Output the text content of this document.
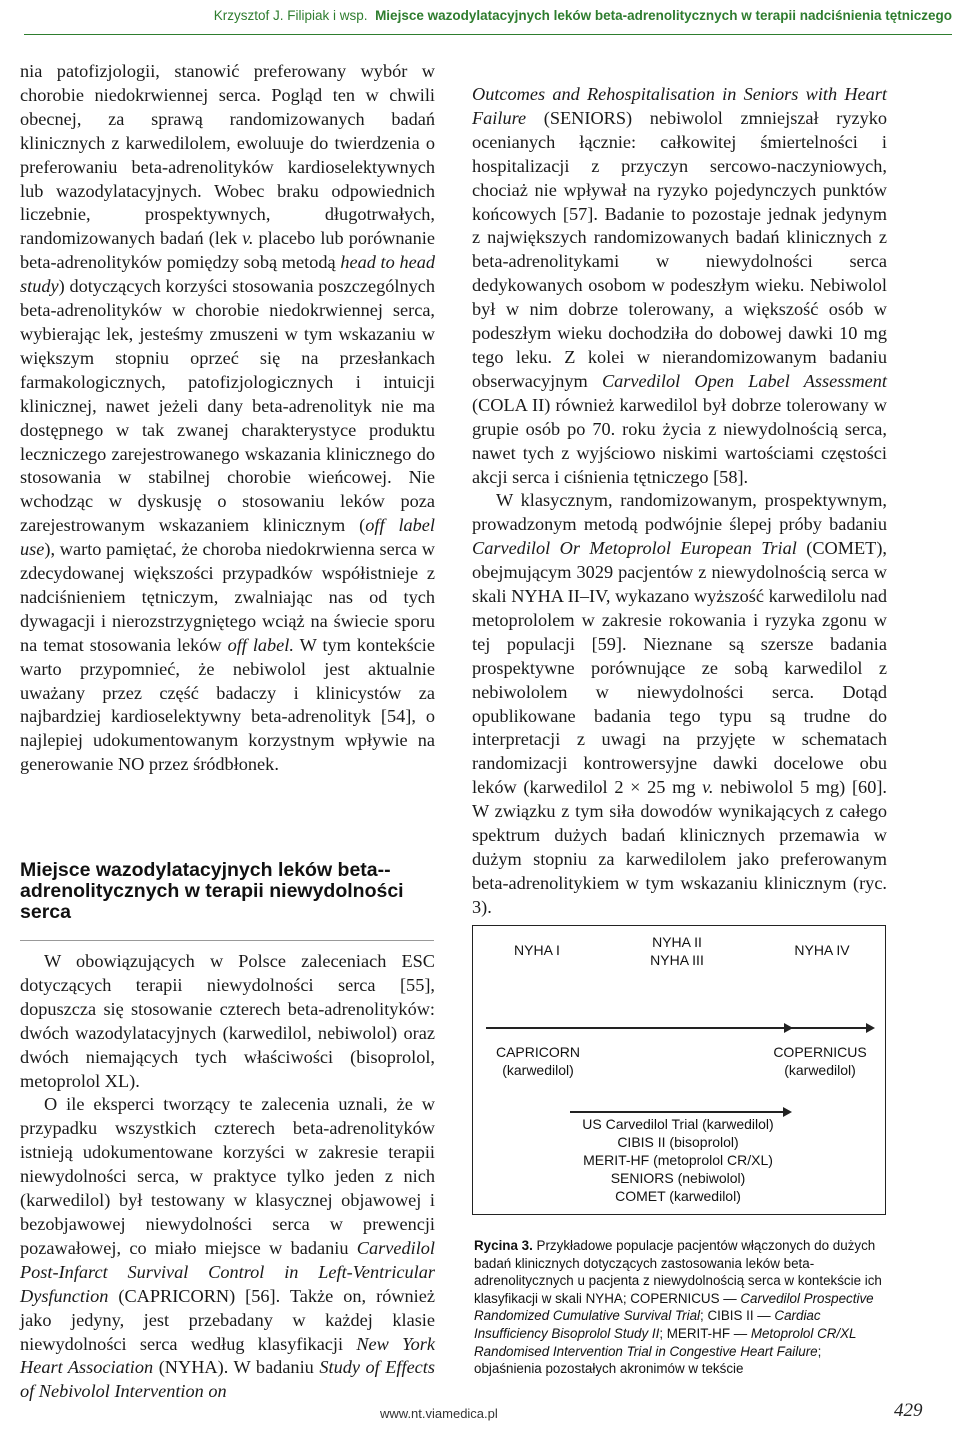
Krzysztof J. Filipiak i wsp. Miejsce wazodylatacyjnych leków beta-adrenolitycznych w terapii nadciśnienia tętniczego

nia patofizjologii, stanowić preferowany wybór w chorobie niedokrwiennej serca. Pogląd ten w chwili obecnej, za sprawą randomizowanych badań klinicznych z karwedilolem, ewoluuje do twierdzenia o preferowaniu beta-adrenolityków kardioselektywnych lub wazodylatacyjnych. Wobec braku odpowiednich liczebnie, prospektywnych, długotrwałych, randomizowanych badań (lek v. placebo lub porównanie beta-adrenolityków pomiędzy sobą metodą head to head study) dotyczących korzyści stosowania poszczególnych beta-adrenolityków w chorobie niedokrwiennej serca, wybierając lek, jesteśmy zmuszeni w tym wskazaniu w większym stopniu oprzeć się na przesłankach farmakologicznych, patofizjologicznych i intuicji klinicznej, nawet jeżeli dany beta-adrenolityk nie ma dostępnego w tak zwanej charakterystyce produktu leczniczego zarejestrowanego wskazania klinicznego do stosowania w stabilnej chorobie wieńcowej. Nie wchodząc w dyskusję o stosowaniu leków poza zarejestrowanym wskazaniem klinicznym (off label use), warto pamiętać, że choroba niedokrwienna serca w zdecydowanej większości przypadków współistnieje z nadciśnieniem tętniczym, zwalniając nas od tych dywagacji i nierozstrzygniętego wciąż na świecie sporu na temat stosowania leków off label. W tym kontekście warto przypomnieć, że nebiwolol jest aktualnie uważany przez część badaczy i klinicystów za najbardziej kardioselektywny beta-adrenolityk [54], o najlepiej udokumentowanym korzystnym wpływie na generowanie NO przez śródbłonek.

Miejsce wazodylatacyjnych leków beta--adrenolitycznych w terapii niewydolności serca

W obowiązujących w Polsce zaleceniach ESC dotyczących terapii niewydolności serca [55], dopuszcza się stosowanie czterech beta-adrenolityków: dwóch wazodylatacyjnych (karwedilol, nebiwolol) oraz dwóch niemających tych właściwości (bisoprolol, metoprolol XL).

O ile eksperci tworzący te zalecenia uznali, że w przypadku wszystkich czterech beta-adrenolityków istnieją udokumentowane korzyści w zakresie terapii niewydolności serca, w praktyce tylko jeden z nich (karwedilol) był testowany w klasycznej objawowej i bezobjawowej niewydolności serca w prewencji pozawałowej, co miało miejsce w badaniu Carvedilol Post-Infarct Survival Control in Left-Ventricular Dysfunction (CAPRICORN) [56]. Także on, również jako jedyny, jest przebadany w każdej klasie niewydolności serca według klasyfikacji New York Heart Association (NYHA). W badaniu Study of Effects of Nebivolol Intervention on

Outcomes and Rehospitalisation in Seniors with Heart Failure (SENIORS) nebiwolol zmniejszał ryzyko ocenianych łącznie: całkowitej śmiertelności i hospitalizacji z przyczyn sercowo-naczyniowych, chociaż nie wpływał na ryzyko pojedynczych punktów końcowych [57]. Badanie to pozostaje jednak jedynym z największych randomizowanych badań klinicznych z beta-adrenolitykami w niewydolności serca dedykowanych osobom w podeszłym wieku. Nebiwolol był w nim dobrze tolerowany, a większość osób w podeszłym wieku dochodziła do dobowej dawki 10 mg tego leku. Z kolei w nierandomizowanym badaniu obserwacyjnym Carvedilol Open Label Assessment (COLA II) również karwedilol był dobrze tolerowany w grupie osób po 70. roku życia z niewydolnością serca, nawet tych z wyjściowo niskimi wartościami częstości akcji serca i ciśnienia tętniczego [58].

W klasycznym, randomizowanym, prospektywnym, prowadzonym metodą podwójnie ślepej próby badaniu Carvedilol Or Metoprolol European Trial (COMET), obejmującym 3029 pacjentów z niewydolnością serca w skali NYHA II–IV, wykazano wyższość karwedilolu nad metoprololem w zakresie rokowania i ryzyka zgonu w tej populacji [59]. Nieznane są szersze badania prospektywne porównujące ze sobą karwedilol z nebiwololem w niewydolności serca. Dotąd opublikowane badania tego typu są trudne do interpretacji z uwagi na przyjęte w schematach randomizacji kontrowersyjne dawki docelowe obu leków (karwedilol 2 × 25 mg v. nebiwolol 5 mg) [60]. W związku z tym siła dowodów wynikających z całego spektrum dużych badań klinicznych przemawia w dużym stopniu za karwedilolem jako preferowanym beta-adrenolitykiem w tym wskazaniu klinicznym (ryc. 3).

NYHA I	NYHA II
NYHA III
NYHA IV
CAPRICORN
(karwedilol)
COPERNICUS
(karwedilol)
US Carvedilol Trial (karwedilol)
CIBIS II (bisoprolol)
MERIT-HF (metoprolol CR/XL)
SENIORS (nebiwolol)
COMET (karwedilol)
Rycina 3. Przykładowe populacje pacjentów włączonych do dużych badań klinicznych dotyczących zastosowania leków beta-adrenolitycznych u pacjenta z niewydolnością serca w kontekście ich klasyfikacji w skali NYHA; COPERNICUS — Carvedilol Prospective Randomized Cumulative Survival Trial; CIBIS II — Cardiac Insufficiency Bisoprolol Study II; MERIT-HF — Metoprolol CR/XL Randomised Intervention Trial in Congestive Heart Failure; objaśnienia pozostałych akronimów w tekście
www.nt.viamedica.pl	429
